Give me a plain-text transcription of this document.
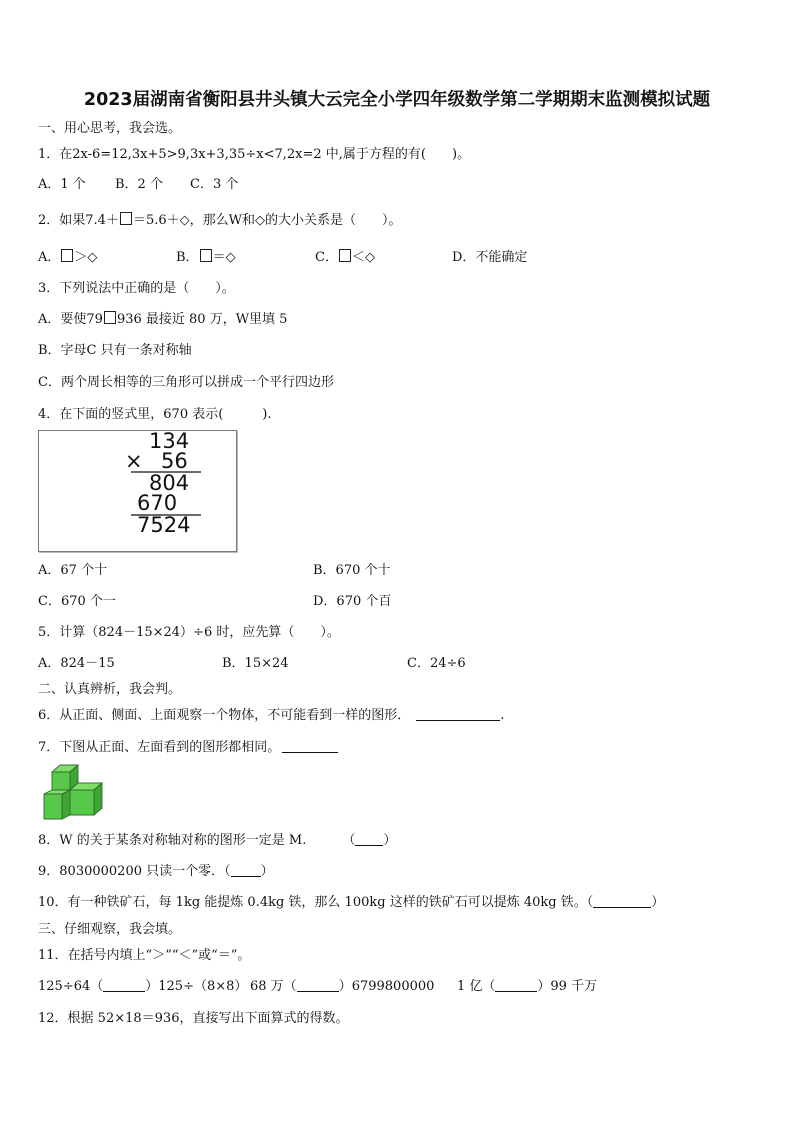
2023届湖南省衡阳县井头镇大云完全小学四年级数学第二学期期末监测模拟试题
一、用心思考，我会选。
1．在2x-6=12,3x+5>9,3x+3,35÷x<7,2x=2 中,属于方程的有(　　)。
A．1 个 B．2 个 C．3 个
2．如果7.4＋ ＝5.6＋◇，那么W和◇的大小关系是（　　）。
A． ＞◇	B． ＝◇	C． ＜◇	D．不能确定
3．下列说法中正确的是（　　）。
A．要使79 936 最接近 80 万，W里填 5
B．字母C 只有一条对称轴
C．两个周长相等的三角形可以拼成一个平行四边形
4．在下面的竖式里，670 表示(　　　).
134
× 56
804
670
7524
A．67 个十	B．670 个十
C．670 个一	D．670 个百
5．计算（824－15×24）÷6 时，应先算（　　）。
A．824－15	B．15×24	C．24÷6
二、认真辨析，我会判。
6．从正面、侧面、上面观察一个物体，不可能看到一样的图形．	.
7．下图从正面、左面看到的图形都相同。
8．W 的关于某条对称轴对称的图形一定是 M.	（ ）
9．8030000200 只读一个零．（ ）
10．有一种铁矿石，每 1kg 能提炼 0.4kg 铁，那么 100kg 这样的铁矿石可以提炼 40kg 铁。（	）
三、仔细观察，我会填。
11．在括号内填上“＞”“＜”或“＝”。
125÷64（	）125÷（8×8） 68 万（	）6799800000 1 亿（	）99 千万
12．根据 52×18＝936，直接写出下面算式的得数。
